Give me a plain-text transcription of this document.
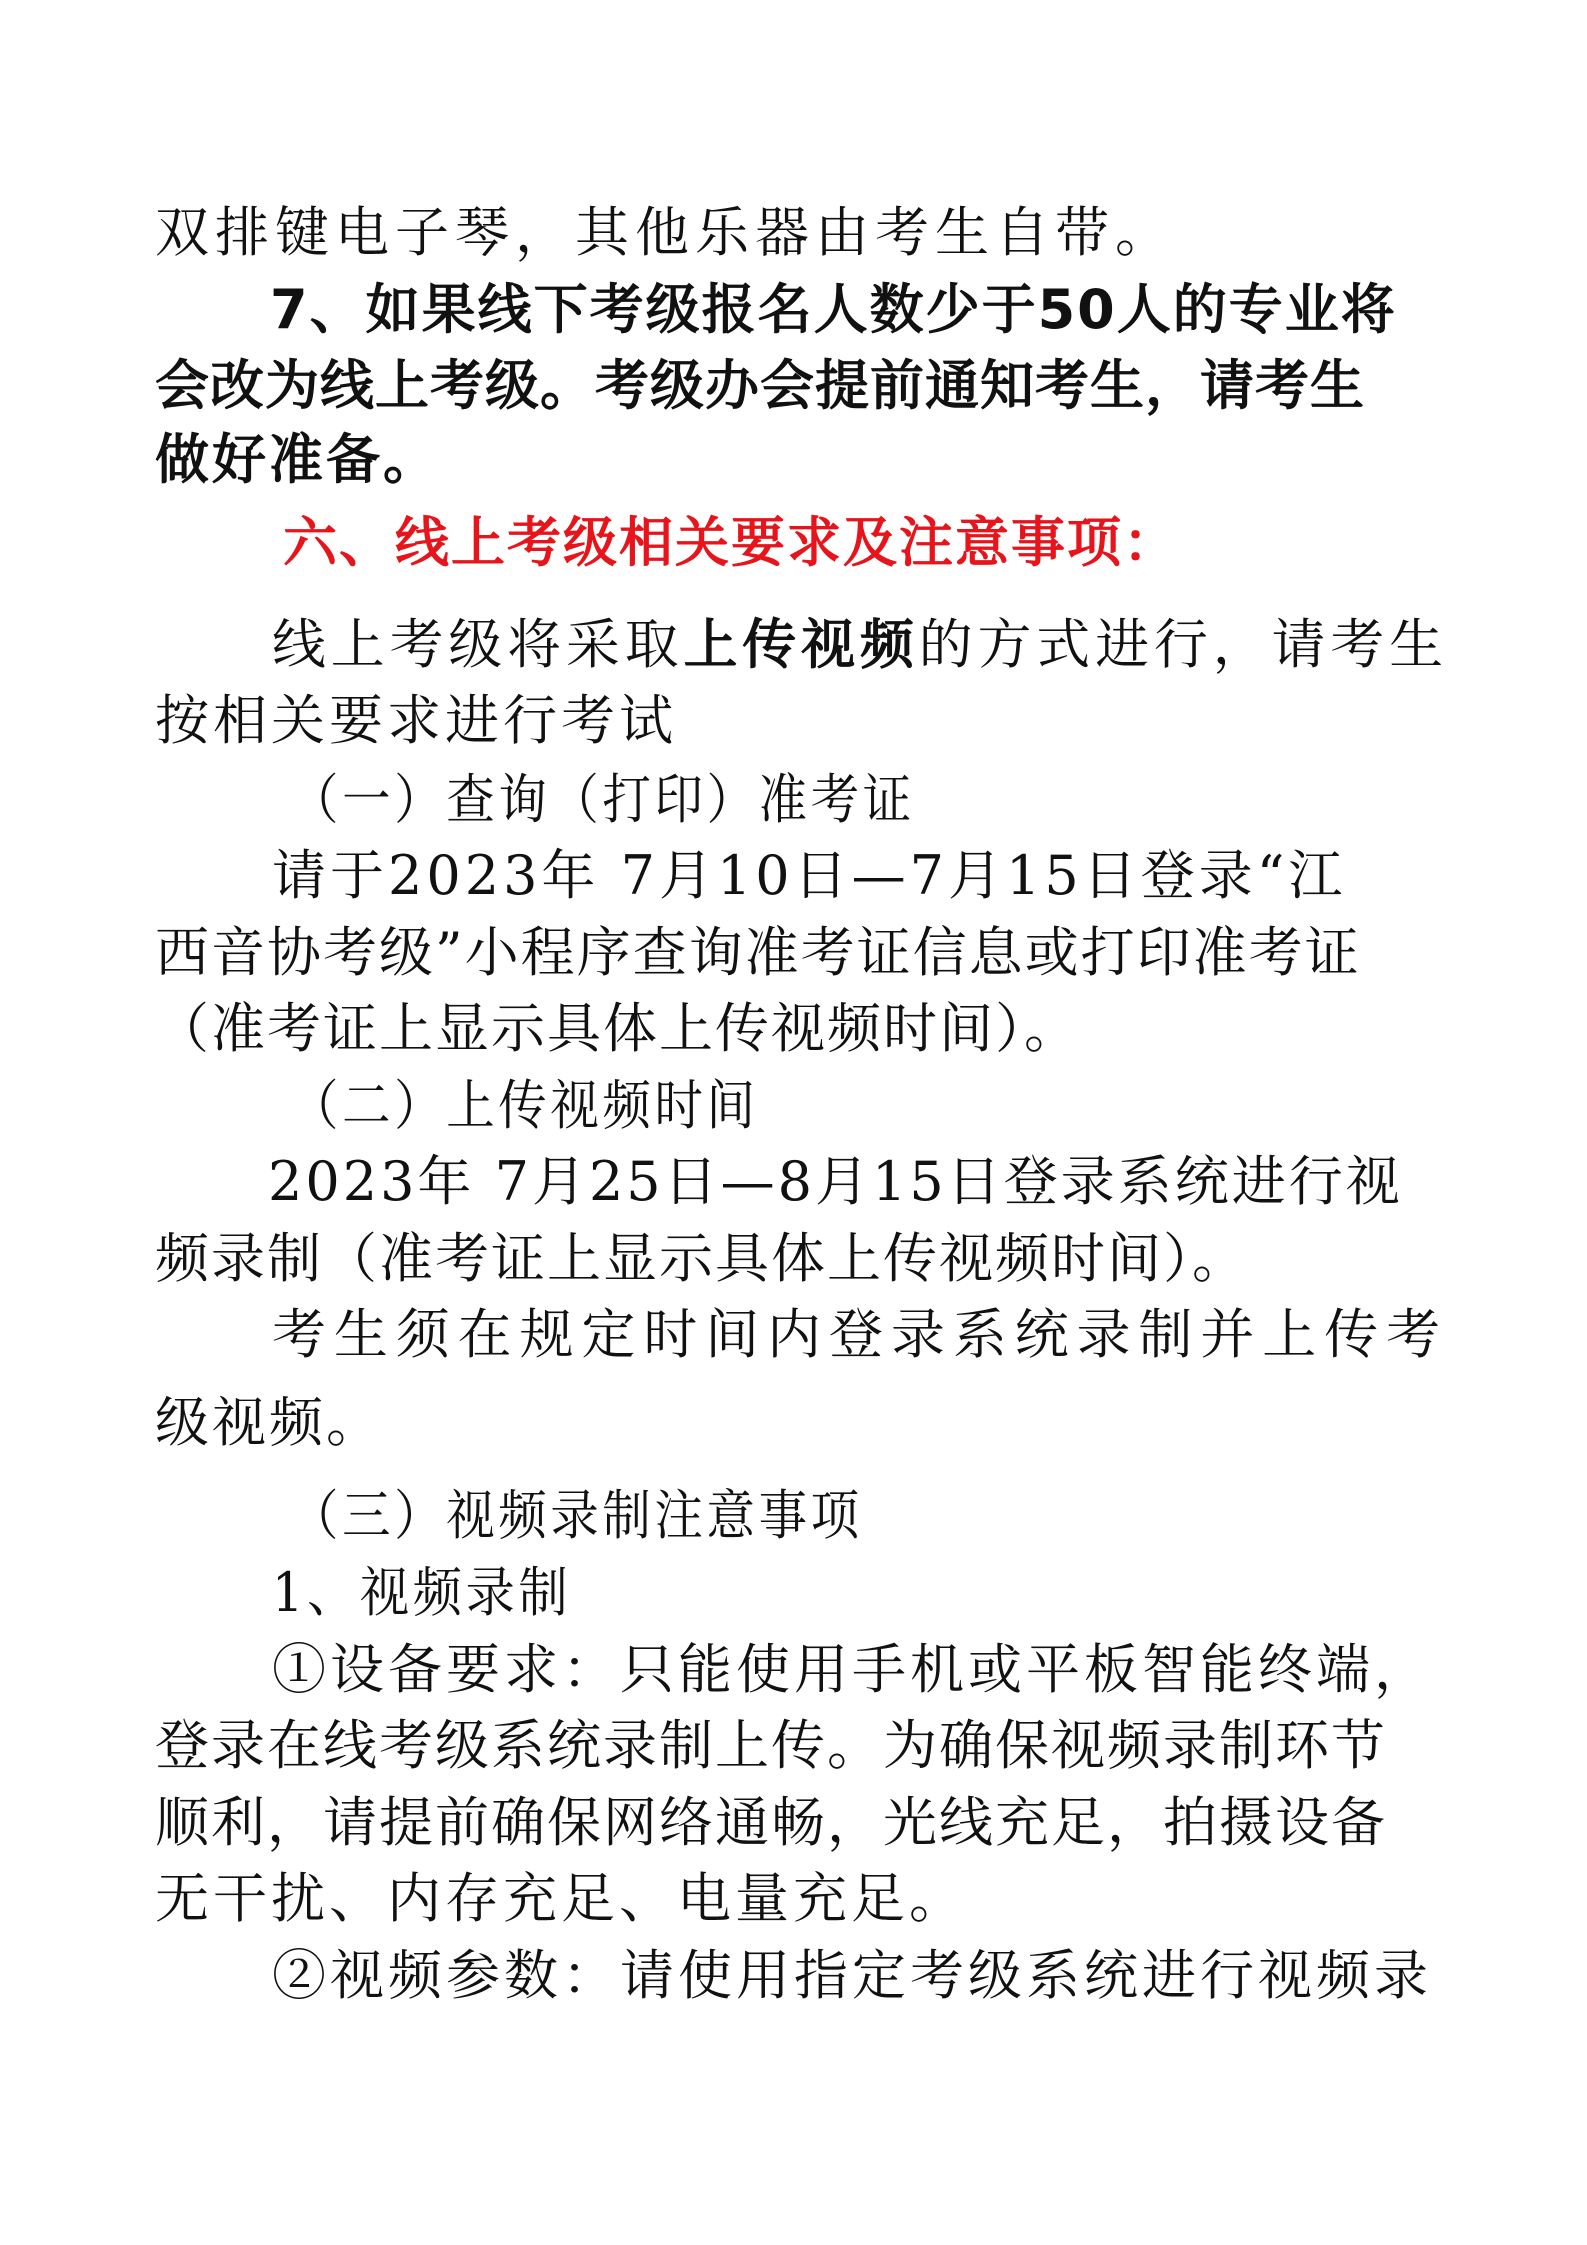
双排键电子琴，其他乐器由考生自带。
7、如果线下考级报名人数少于50人的专业将
会改为线上考级。考级办会提前通知考生，请考生
做好准备。
六、线上考级相关要求及注意事项：
线上考级将采取上传视频的方式进行，请考生
按相关要求进行考试
（一）查询（打印）准考证
请于2023年 7月10日—7月15日登录“江
西音协考级”小程序查询准考证信息或打印准考证
（准考证上显示具体上传视频时间）。
（二）上传视频时间
2023年 7月25日—8月15日登录系统进行视
频录制（准考证上显示具体上传视频时间）。
考生须在规定时间内登录系统录制并上传考
级视频。
（三）视频录制注意事项
1、视频录制
①设备要求：只能使用手机或平板智能终端，
登录在线考级系统录制上传。为确保视频录制环节
顺利，请提前确保网络通畅，光线充足，拍摄设备
无干扰、内存充足、电量充足。
②视频参数：请使用指定考级系统进行视频录
